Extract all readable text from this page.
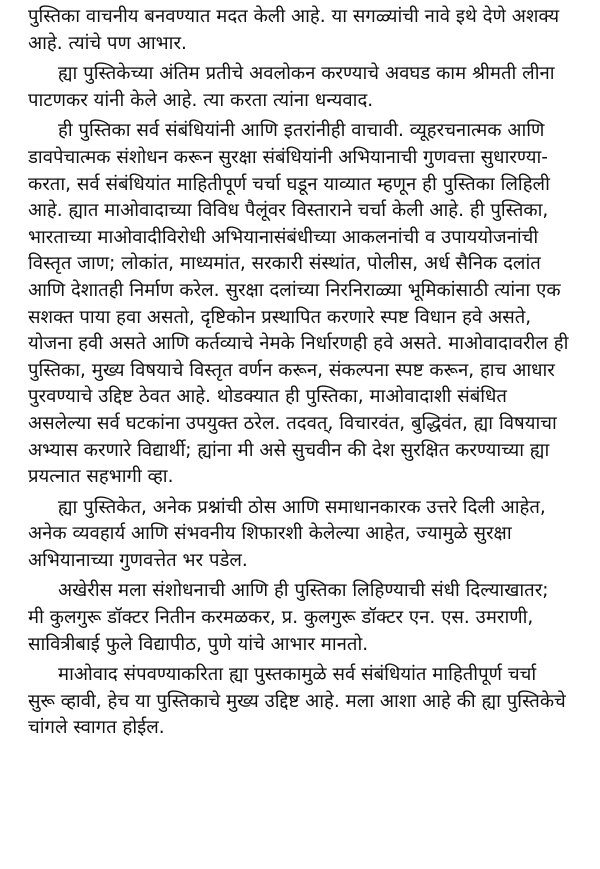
पुस्तिका वाचनीय बनवण्यात मदत केली आहे. या सगळ्यांची नावे इथे देणे अशक्य
आहे. त्यांचे पण आभार.
ह्या पुस्तिकेच्या अंतिम प्रतीचे अवलोकन करण्याचे अवघड काम श्रीमती लीना
पाटणकर यांनी केले आहे. त्या करता त्यांना धन्यवाद.
ही पुस्तिका सर्व संबंधियांनी आणि इतरांनीही वाचावी. व्यूहरचनात्मक आणि
डावपेचात्मक संशोधन करून सुरक्षा संबंधियांनी अभियानाची गुणवत्ता सुधारण्या-
करता, सर्व संबंधियांत माहितीपूर्ण चर्चा घडून याव्यात म्हणून ही पुस्तिका लिहिली
आहे. ह्यात माओवादाच्या विविध पैलूंवर विस्ताराने चर्चा केली आहे. ही पुस्तिका,
भारताच्या माओवादीविरोधी अभियानासंबंधीच्या आकलनांची व उपाययोजनांची
विस्तृत जाण; लोकांत, माध्यमांत, सरकारी संस्थांत, पोलीस, अर्ध सैनिक दलांत
आणि देशातही निर्माण करेल. सुरक्षा दलांच्या निरनिराळ्या भूमिकांसाठी त्यांना एक
सशक्त पाया हवा असतो, दृष्टिकोन प्रस्थापित करणारे स्पष्ट विधान हवे असते,
योजना हवी असते आणि कर्तव्याचे नेमके निर्धारणही हवे असते. माओवादावरील ही
पुस्तिका, मुख्य विषयाचे विस्तृत वर्णन करून, संकल्पना स्पष्ट करून, हाच आधार
पुरवण्याचे उद्दिष्ट ठेवत आहे. थोडक्यात ही पुस्तिका, माओवादाशी संबंधित
असलेल्या सर्व घटकांना उपयुक्त ठरेल. तदवत्, विचारवंत, बुद्धिवंत, ह्या विषयाचा
अभ्यास करणारे विद्यार्थी; ह्यांना मी असे सुचवीन की देश सुरक्षित करण्याच्या ह्या
प्रयत्नात सहभागी व्हा.
ह्या पुस्तिकेत, अनेक प्रश्नांची ठोस आणि समाधानकारक उत्तरे दिली आहेत,
अनेक व्यवहार्य आणि संभवनीय शिफारशी केलेल्या आहेत, ज्यामुळे सुरक्षा
अभियानाच्या गुणवत्तेत भर पडेल.
अखेरीस मला संशोधनाची आणि ही पुस्तिका लिहिण्याची संधी दिल्याखातर;
मी कुलगुरू डॉक्टर नितीन करमळकर, प्र. कुलगुरू डॉक्टर एन. एस. उमराणी,
सावित्रीबाई फुले विद्यापीठ, पुणे यांचे आभार मानतो.
माओवाद संपवण्याकरिता ह्या पुस्तकामुळे सर्व संबंधियांत माहितीपूर्ण चर्चा
सुरू व्हावी, हेच या पुस्तिकाचे मुख्य उद्दिष्ट आहे. मला आशा आहे की ह्या पुस्तिकेचे
चांगले स्वागत होईल.
